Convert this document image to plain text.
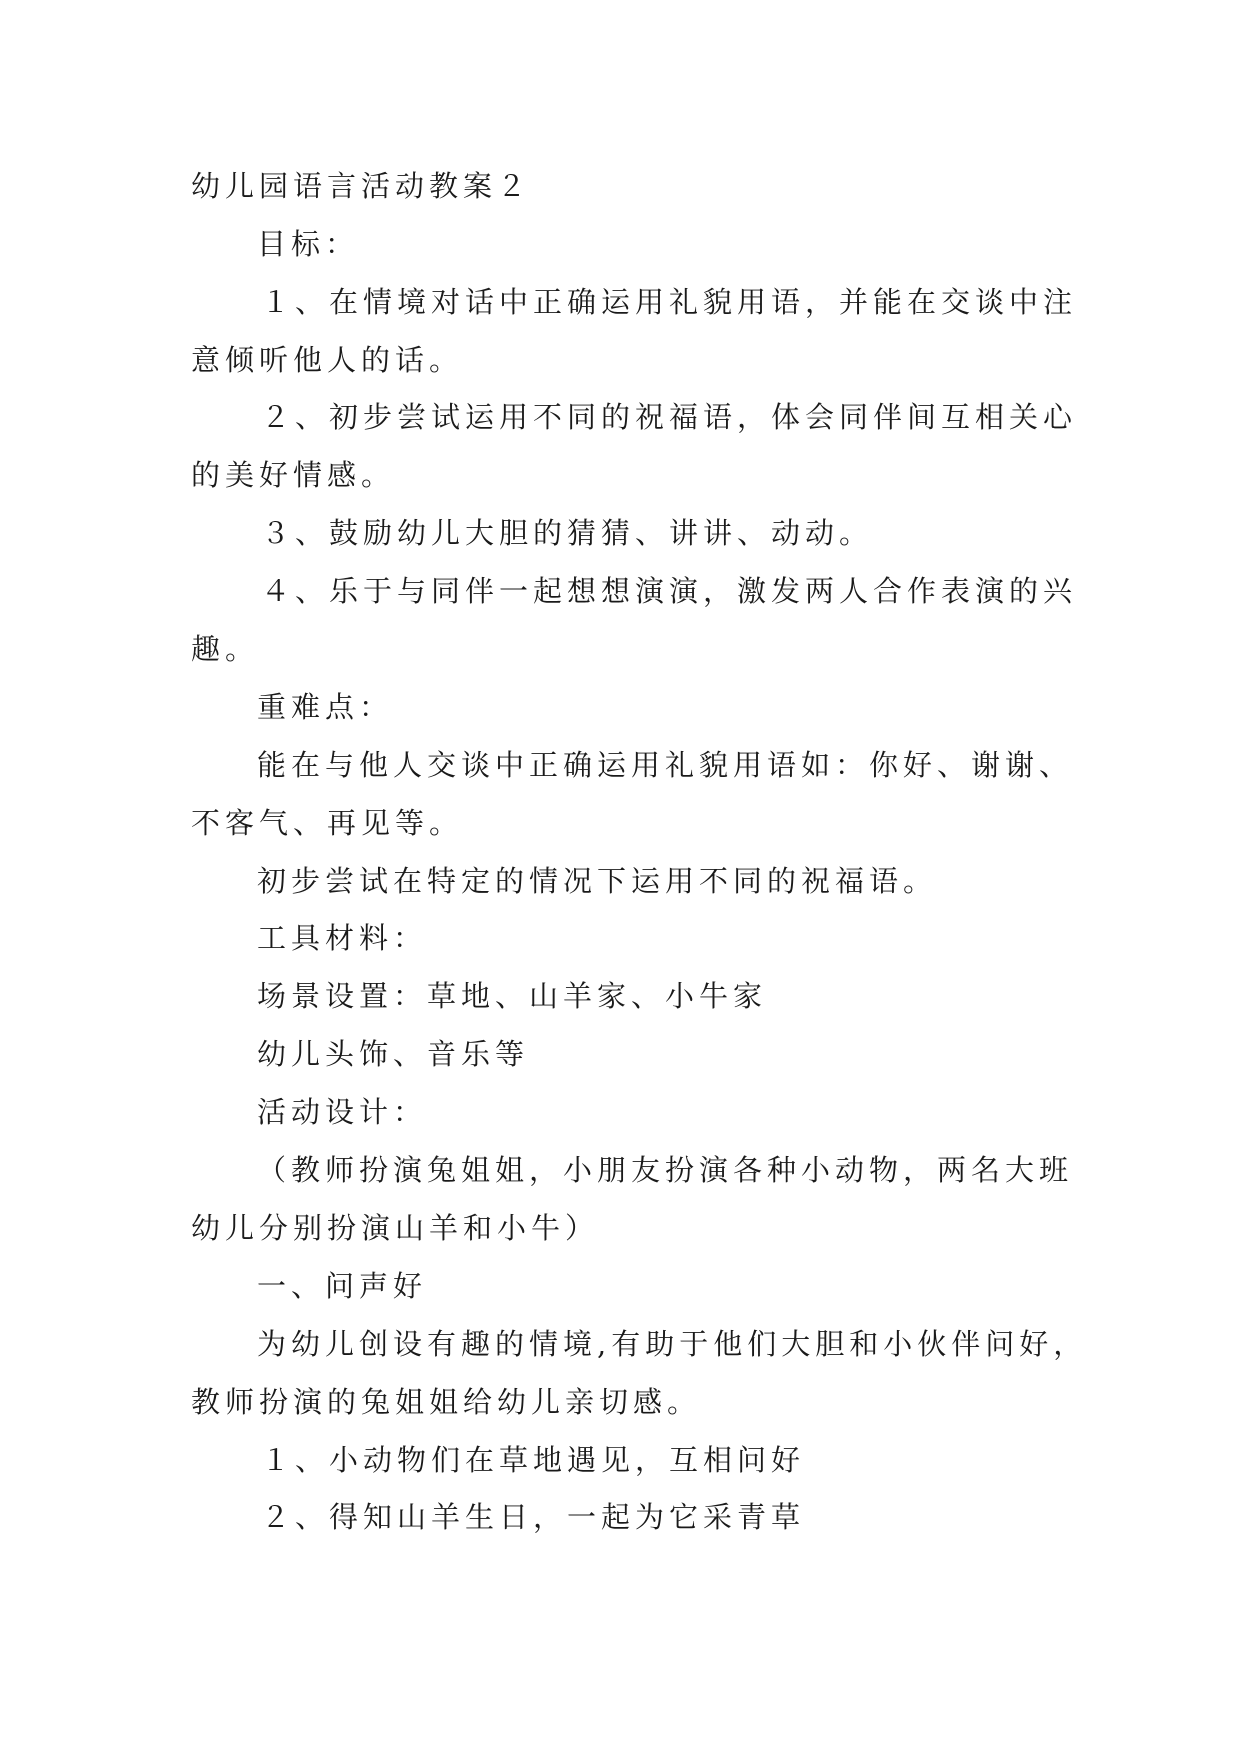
幼儿园语言活动教案２
目标：
１、在情境对话中正确运用礼貌用语，并能在交谈中注
意倾听他人的话。
２、初步尝试运用不同的祝福语，体会同伴间互相关心
的美好情感。
３、鼓励幼儿大胆的猜猜、讲讲、动动。
４、乐于与同伴一起想想演演，激发两人合作表演的兴
趣。
重难点：
能在与他人交谈中正确运用礼貌用语如：你好、谢谢、
不客气、再见等。
初步尝试在特定的情况下运用不同的祝福语。
工具材料：
场景设置：草地、山羊家、小牛家
幼儿头饰、音乐等
活动设计：
（教师扮演兔姐姐，小朋友扮演各种小动物，两名大班
幼儿分别扮演山羊和小牛）
一、问声好
为幼儿创设有趣的情境,有助于他们大胆和小伙伴问好，
教师扮演的兔姐姐给幼儿亲切感。
１、小动物们在草地遇见，互相问好
２、得知山羊生日，一起为它采青草
